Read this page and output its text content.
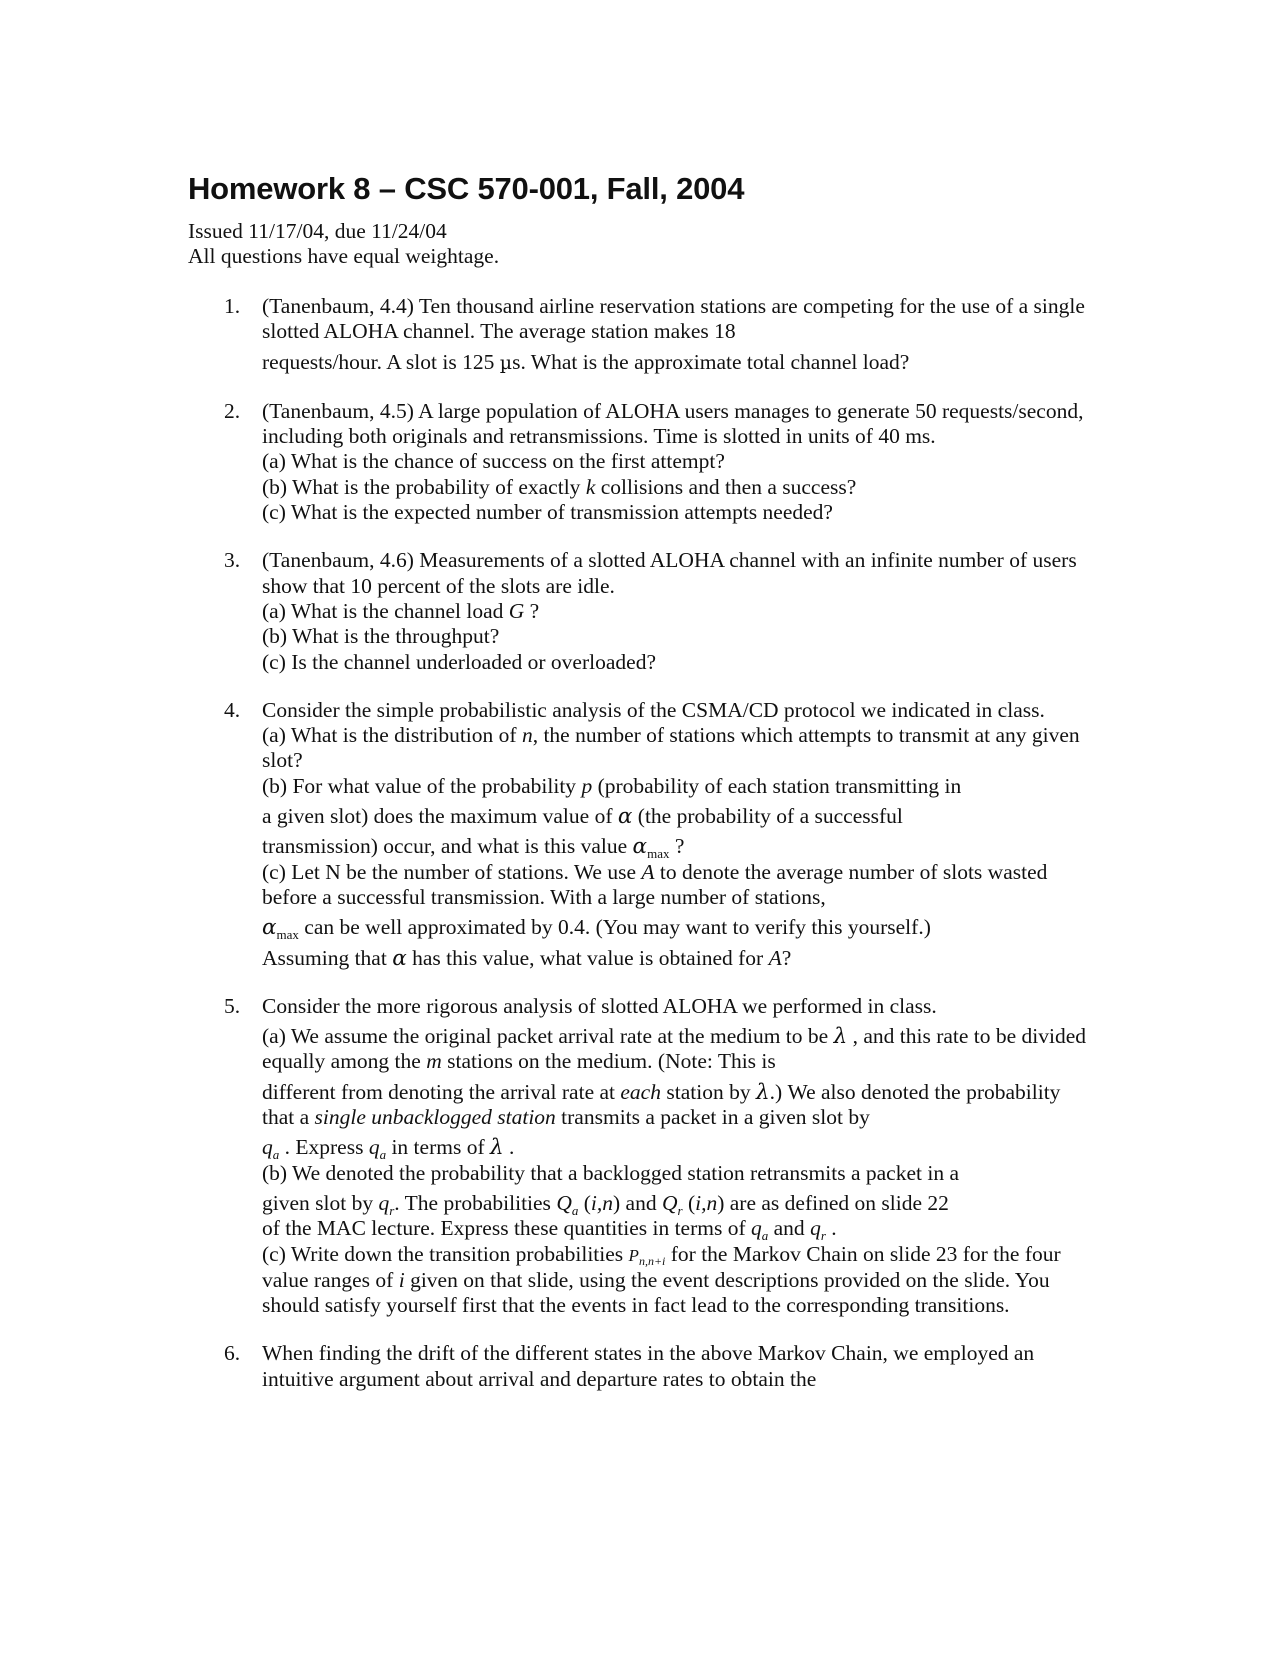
Homework 8 – CSC 570-001, Fall, 2004
Issued 11/17/04, due 11/24/04
All questions have equal weightage.
1. (Tanenbaum, 4.4) Ten thousand airline reservation stations are competing for the use of a single slotted ALOHA channel. The average station makes 18
requests/hour. A slot is 125 µs. What is the approximate total channel load?
2. (Tanenbaum, 4.5) A large population of ALOHA users manages to generate 50 requests/second, including both originals and retransmissions. Time is slotted in units of 40 ms.
(a) What is the chance of success on the first attempt?
(b) What is the probability of exactly k collisions and then a success?
(c) What is the expected number of transmission attempts needed?
3. (Tanenbaum, 4.6) Measurements of a slotted ALOHA channel with an infinite number of users show that 10 percent of the slots are idle.
(a) What is the channel load G ?
(b) What is the throughput?
(c) Is the channel underloaded or overloaded?
4. Consider the simple probabilistic analysis of the CSMA/CD protocol we indicated in class.
(a) What is the distribution of n, the number of stations which attempts to transmit at any given slot?
(b) For what value of the probability p (probability of each station transmitting in
a given slot) does the maximum value of α (the probability of a successful transmission) occur, and what is this value $\alpha_{max}$ ?
(c) Let N be the number of stations. We use A to denote the average number of slots wasted before a successful transmission. With a large number of stations,
$\alpha_{max}$ can be well approximated by 0.4. (You may want to verify this yourself.) Assuming that α has this value, what value is obtained for A?
5. Consider the more rigorous analysis of slotted ALOHA we performed in class.
(a) We assume the original packet arrival rate at the medium to be λ , and this rate to be divided equally among the m stations on the medium. (Note: This is different from denoting the arrival rate at each station by λ.) We also denoted the probability that a single unbacklogged station transmits a packet in a given slot by $q_a$ . Express $q_a$ in terms of λ .
(b) We denoted the probability that a backlogged station retransmits a packet in a
given slot by $q_r$. The probabilities $Q_a$ (i,n) and $Q_r$ (i,n) are as defined on slide 22
of the MAC lecture. Express these quantities in terms of $q_a$ and $q_r$ .
(c) Write down the transition probabilities $P_{n,n+i}$ for the Markov Chain on slide 23 for the four value ranges of i given on that slide, using the event descriptions provided on the slide. You should satisfy yourself first that the events in fact lead to the corresponding transitions.
6. When finding the drift of the different states in the above Markov Chain, we employed an intuitive argument about arrival and departure rates to obtain the
